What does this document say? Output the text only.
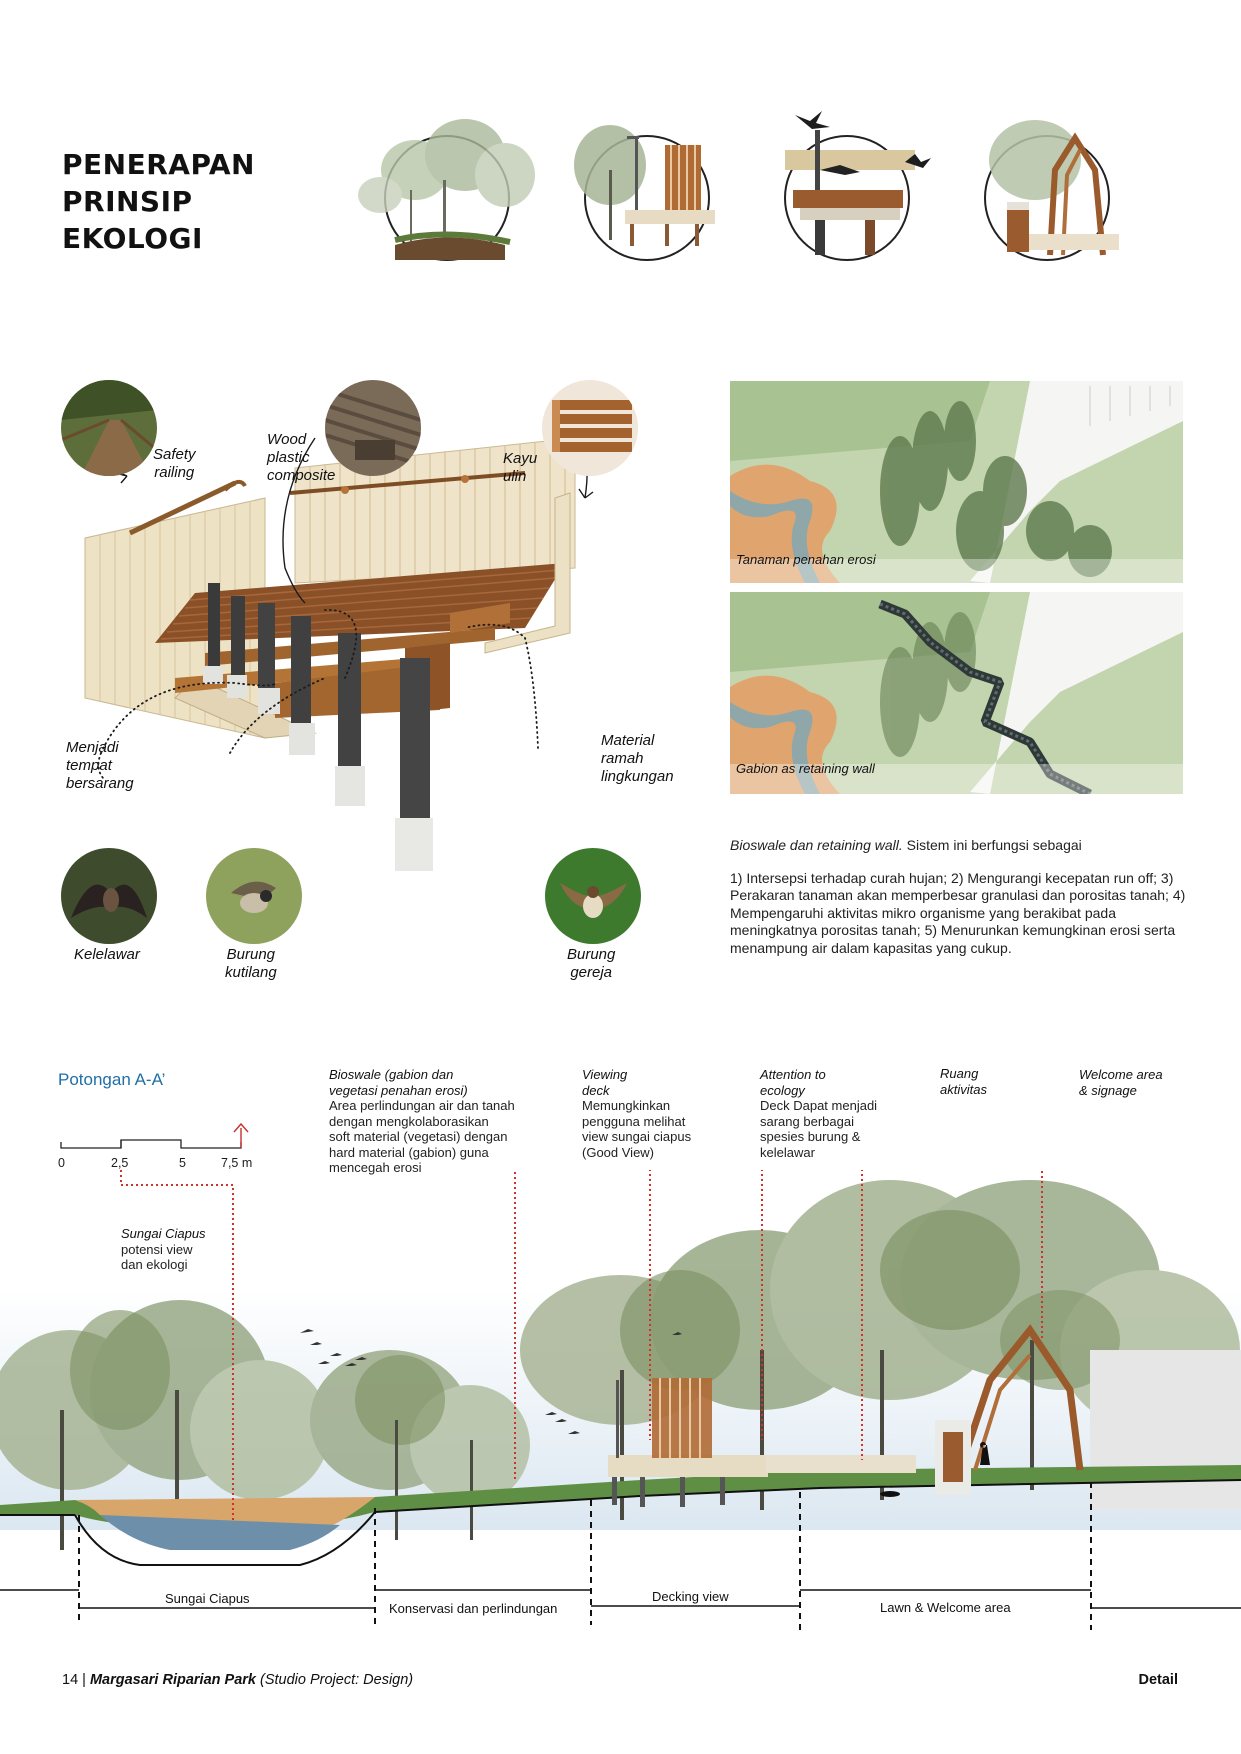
PENERAPAN
PRINSIP
EKOLOGI
Safety
railing
Wood
plastic
composite
Kayu
ulin
Menjadi
tempat
bersarang
Material
ramah
lingkungan
Kelelawar	Burung
kutilang
Burung
gereja
Tanaman penahan erosi
Gabion as retaining wall

Bioswale dan retaining wall. Sistem ini berfungsi sebagai

1) Intersepsi terhadap curah hujan; 2) Mengurangi kecepatan run off; 3) Perakaran tanaman akan memperbesar granulasi dan porositas tanah; 4) Mempengaruhi aktivitas mikro organisme yang berakibat pada meningkatnya porositas tanah; 5) Menurunkan kemungkinan erosi serta menampung air dalam kapasitas yang cukup.

Potongan A-A’
0	2,5	5	7,5 m
Bioswale (gabion dan
vegetasi penahan erosi)
Area perlindungan air dan tanah
dengan mengkolaborasikan
soft material (vegetasi) dengan
hard material (gabion) guna
mencegah erosi
Viewing
deck
Memungkinkan
pengguna melihat
view sungai ciapus
(Good View)
Attention to
ecology
Deck Dapat menjadi
sarang berbagai
spesies burung &
kelelawar
Ruang
aktivitas
Welcome area
& signage
Sungai Ciapus
potensi view
dan ekologi
Sungai Ciapus
Konservasi dan perlindungan
Decking view
Lawn & Welcome area
14 | Margasari Riparian Park (Studio Project: Design)	Detail
